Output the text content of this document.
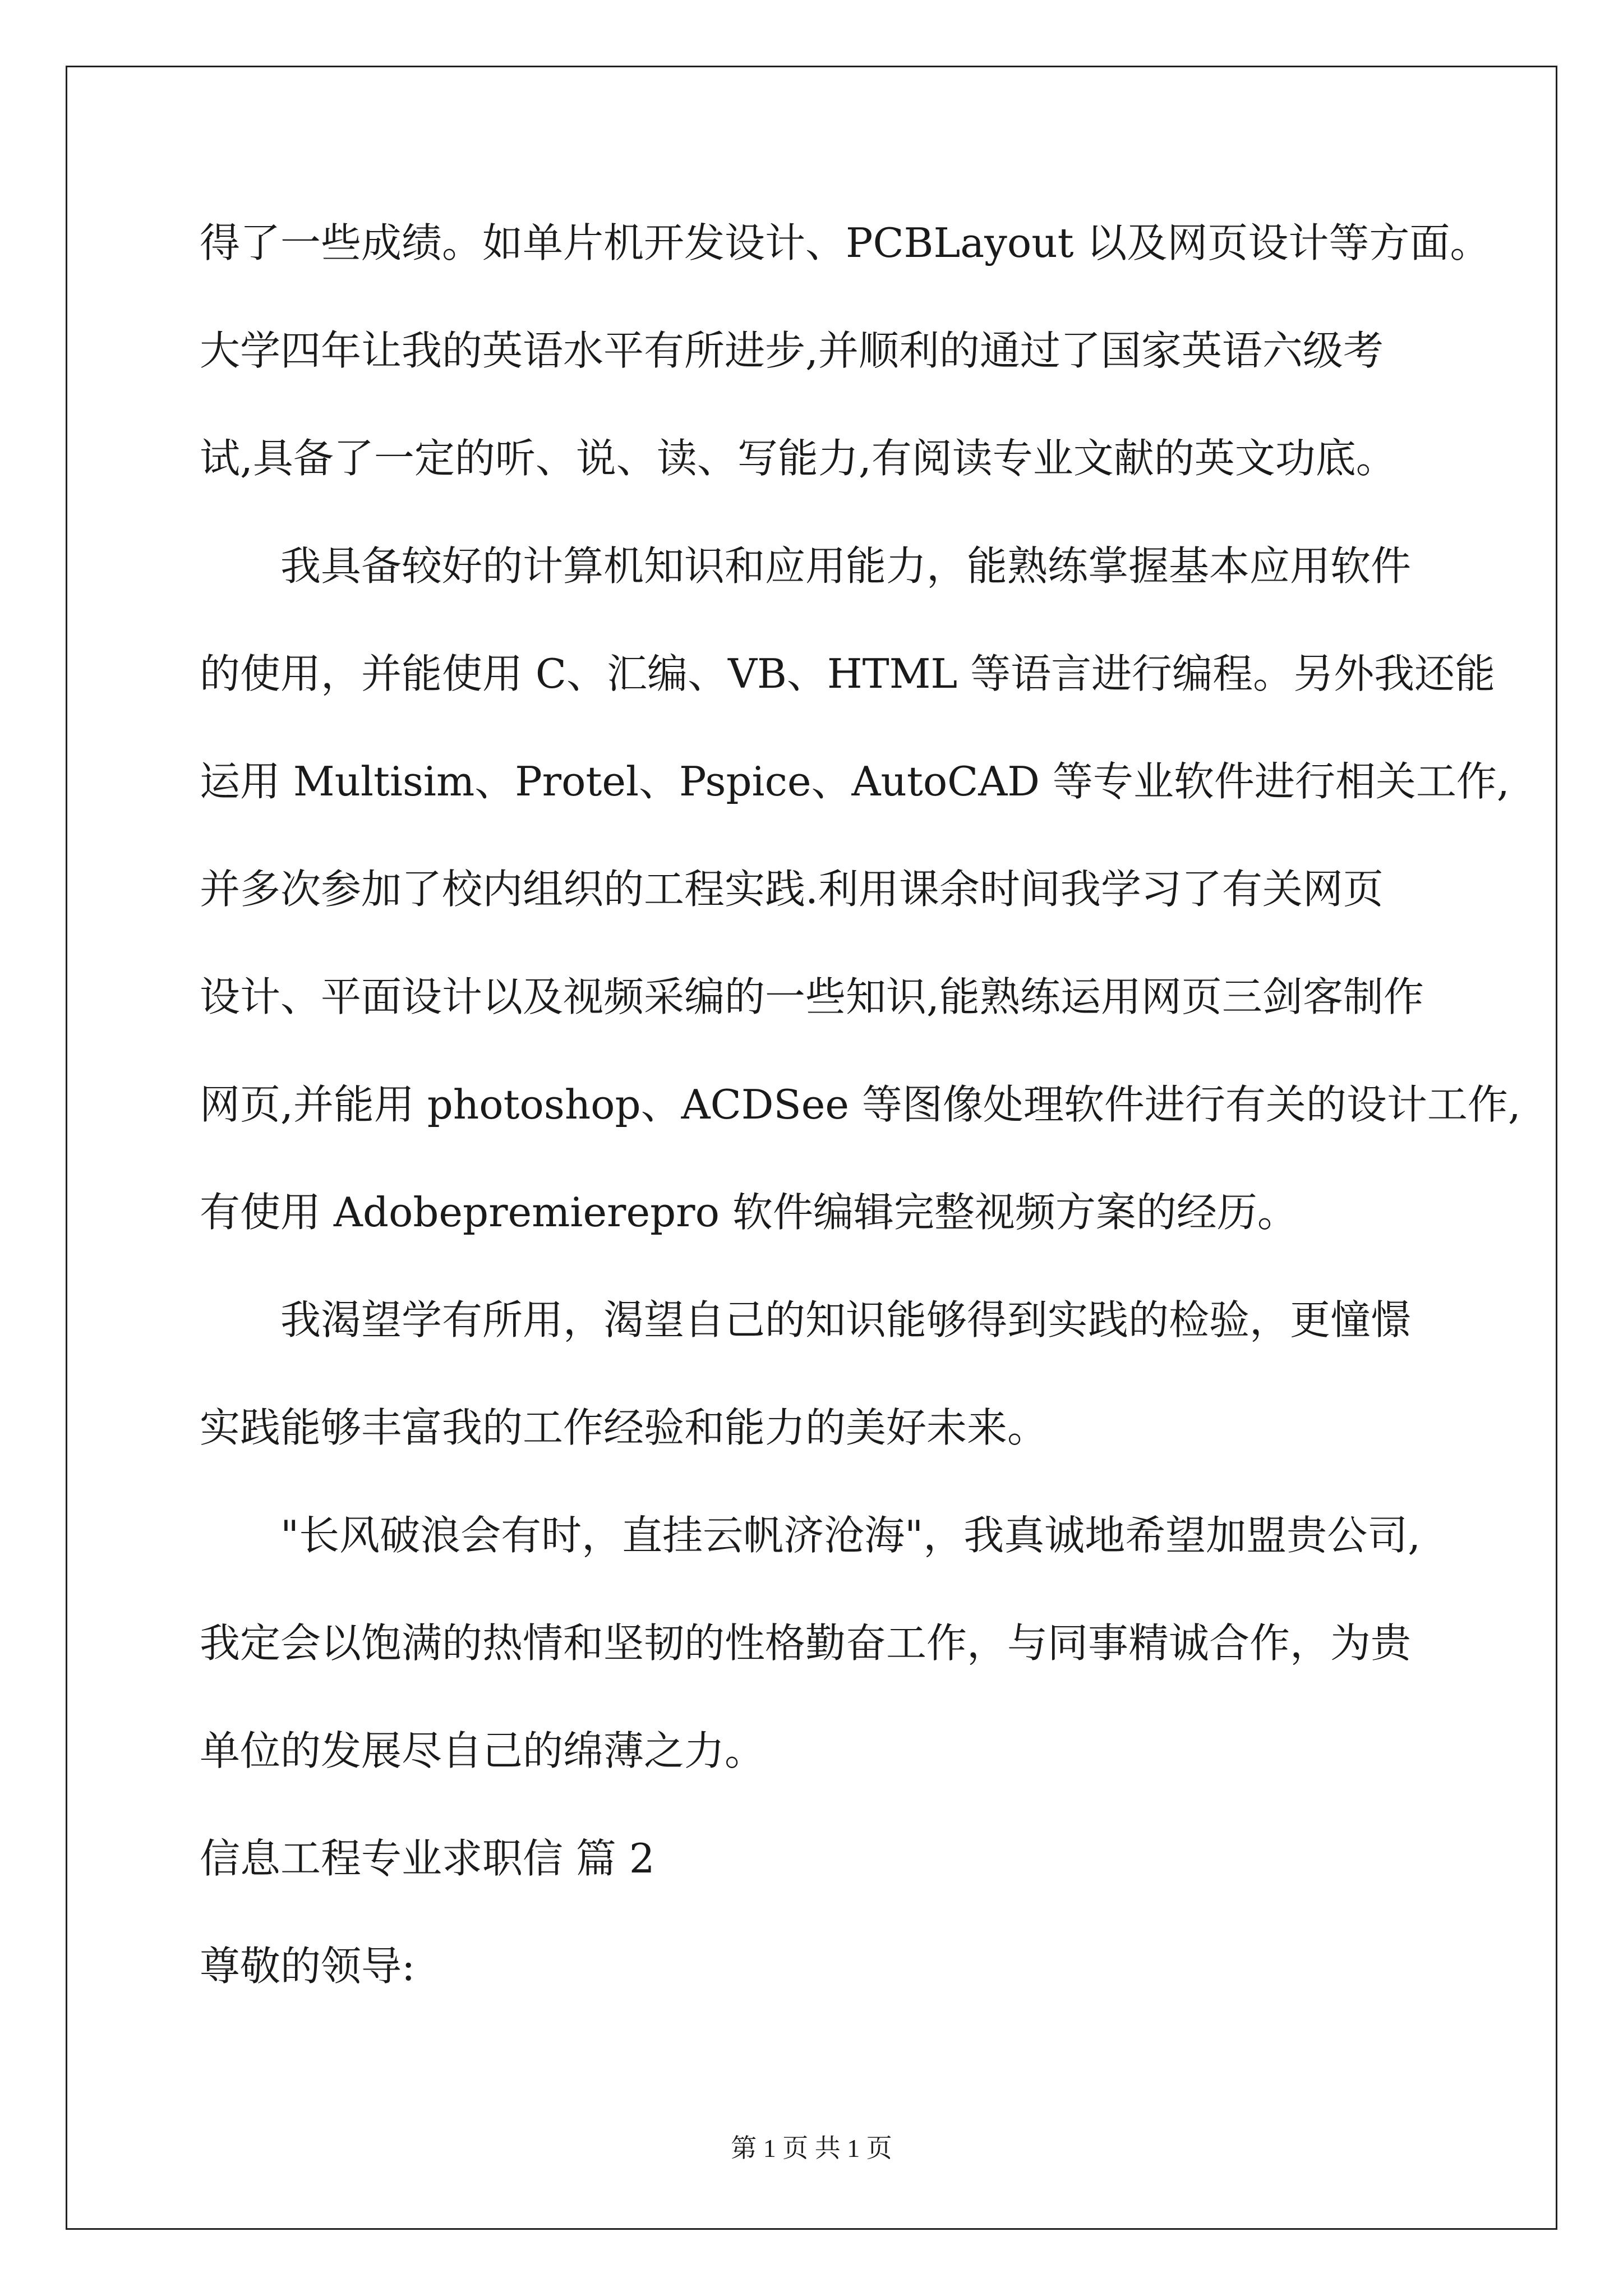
得了一些成绩。如单片机开发设计、PCBLayout 以及网页设计等方面。
大学四年让我的英语水平有所进步,并顺利的通过了国家英语六级考
试,具备了一定的听、说、读、写能力,有阅读专业文献的英文功底。
我具备较好的计算机知识和应用能力，能熟练掌握基本应用软件
的使用，并能使用 C、汇编、VB、HTML 等语言进行编程。另外我还能
运用 Multisim、Protel、Pspice、AutoCAD 等专业软件进行相关工作,
并多次参加了校内组织的工程实践.利用课余时间我学习了有关网页
设计、平面设计以及视频采编的一些知识,能熟练运用网页三剑客制作
网页,并能用 photoshop、ACDSee 等图像处理软件进行有关的设计工作,
有使用 Adobepremierepro 软件编辑完整视频方案的经历。
我渴望学有所用，渴望自己的知识能够得到实践的检验，更憧憬
实践能够丰富我的工作经验和能力的美好未来。
"长风破浪会有时，直挂云帆济沧海"，我真诚地希望加盟贵公司,
我定会以饱满的热情和坚韧的性格勤奋工作，与同事精诚合作，为贵
单位的发展尽自己的绵薄之力。
信息工程专业求职信 篇 2
尊敬的领导:
第 1 页 共 1 页
